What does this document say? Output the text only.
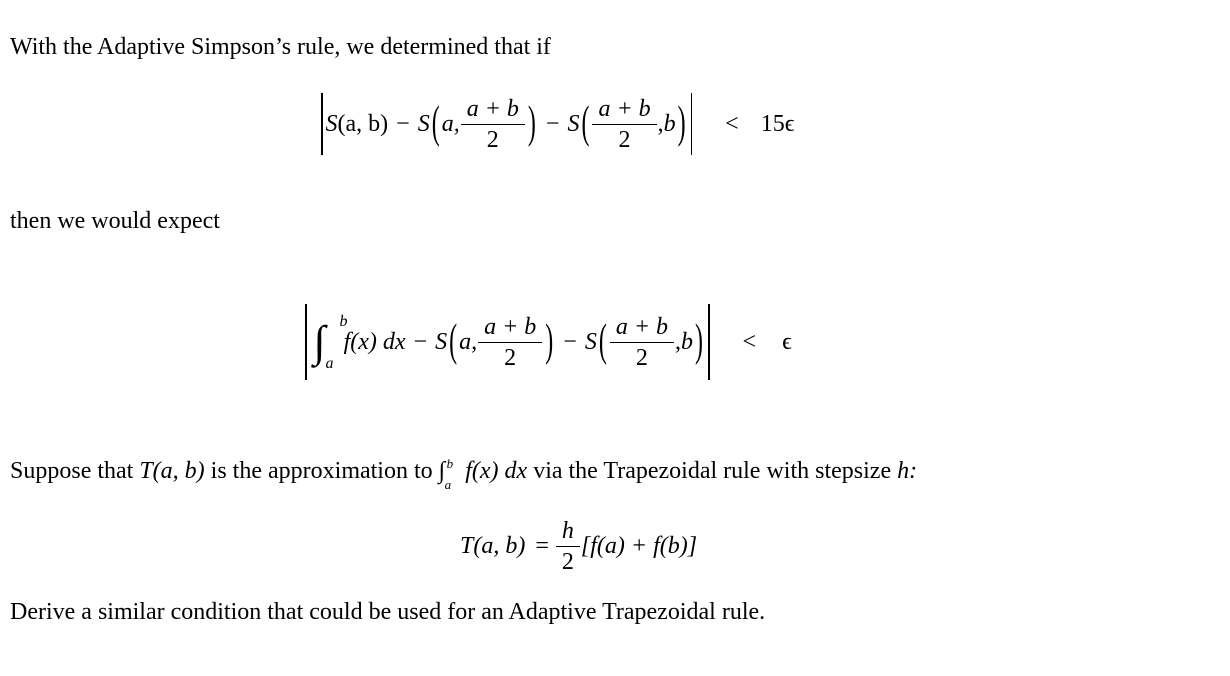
With the Adaptive Simpson’s rule, we determined that if
S (a, b) − S ( a, $\frac{a + b}{2}$ ) − S ( $\frac{a + b}{2}$ , b ) < 15ϵ
then we would expect
∫ b
a
f(x) dx − S ( a, $\frac{a + b}{2}$ ) − S ( $\frac{a + b}{2}$ , b ) < ϵ
Suppose that T(a, b) is the approximation to ∫ b
a
f(x) dx via the Trapezoidal rule with stepsize h:
T(a, $b) = \frac{h}{2} [f(a) + f(b)]$
Derive a similar condition that could be used for an Adaptive Trapezoidal rule.
